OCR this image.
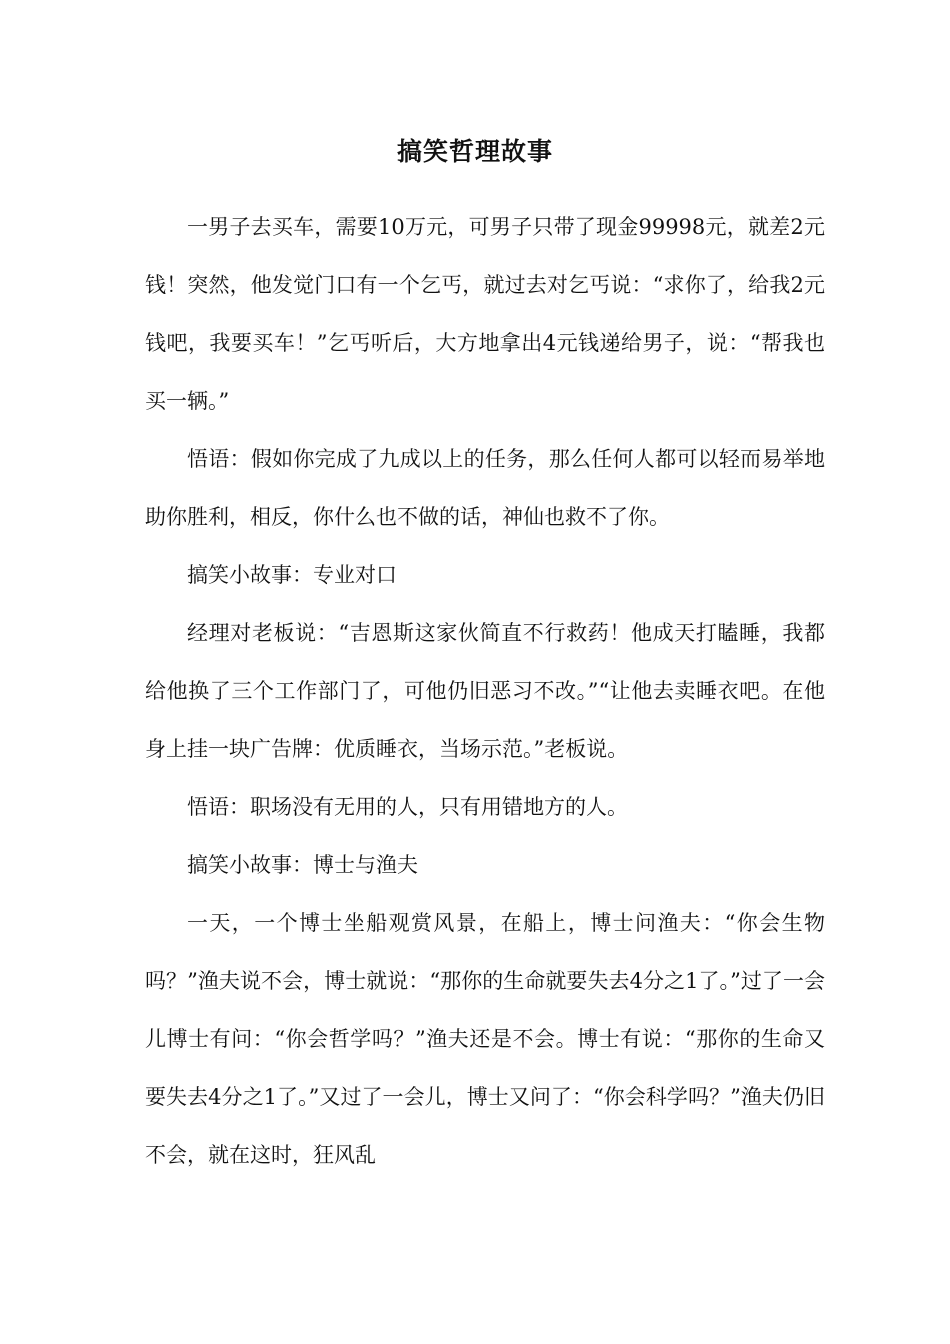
搞笑哲理故事

一男子去买车，需要10万元，可男子只带了现金99998元，就差2元钱！突然，他发觉门口有一个乞丐，就过去对乞丐说：“求你了，给我2元钱吧，我要买车！”乞丐听后，大方地拿出4元钱递给男子，说：“帮我也买一辆。”

悟语：假如你完成了九成以上的任务，那么任何人都可以轻而易举地助你胜利，相反，你什么也不做的话，神仙也救不了你。

搞笑小故事：专业对口

经理对老板说：“吉恩斯这家伙简直不行救药！他成天打瞌睡，我都给他换了三个工作部门了，可他仍旧恶习不改。”“让他去卖睡衣吧。在他身上挂一块广告牌：优质睡衣，当场示范。”老板说。

悟语：职场没有无用的人，只有用错地方的人。

搞笑小故事：博士与渔夫

一天，一个博士坐船观赏风景，在船上，博士问渔夫：“你会生物吗？”渔夫说不会，博士就说：“那你的生命就要失去4分之1了。”过了一会儿博士有问：“你会哲学吗？”渔夫还是不会。博士有说：“那你的生命又要失去4分之1了。”又过了一会儿，博士又问了：“你会科学吗？”渔夫仍旧不会，就在这时，狂风乱
